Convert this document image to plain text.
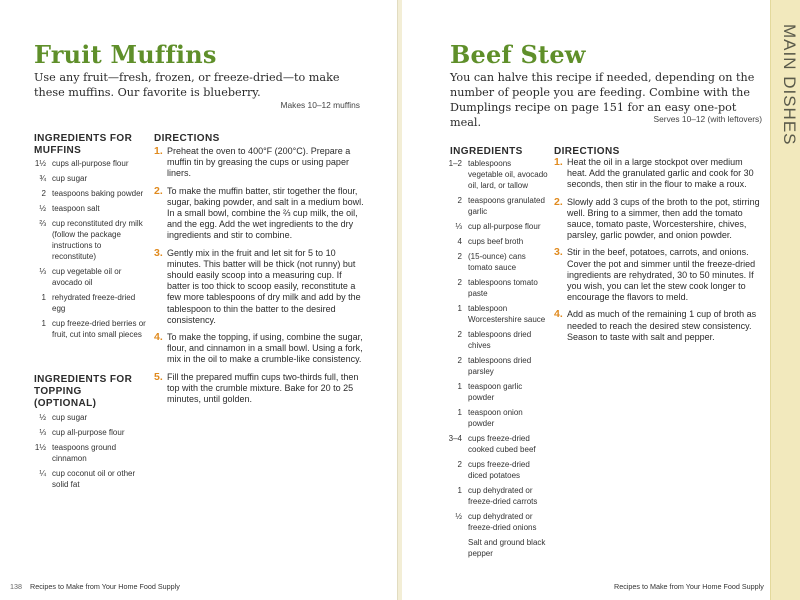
Fruit Muffins

Use any fruit—fresh, frozen, or freeze-dried—to make these muffins. Our favorite is blueberry.

Makes 10–12 muffins
INGREDIENTS FOR MUFFINS
1½ cups all-purpose flour
¾ cup sugar
2 teaspoons baking powder
½ teaspoon salt
⅔ cup reconstituted dry milk (follow the package instructions to reconstitute)
⅓ cup vegetable oil or avocado oil
1 rehydrated freeze-dried egg
1 cup freeze-dried berries or fruit, cut into small pieces
INGREDIENTS FOR TOPPING (OPTIONAL)
½ cup sugar
⅓ cup all-purpose flour
1½ teaspoons ground cinnamon
¼ cup coconut oil or other solid fat
DIRECTIONS
1. Preheat the oven to 400°F (200°C). Prepare a muffin tin by greasing the cups or using paper liners.
2. To make the muffin batter, stir together the flour, sugar, baking powder, and salt in a medium bowl. In a small bowl, combine the ⅔ cup milk, the oil, and the egg. Add the wet ingredients to the dry ingredients and stir to combine.
3. Gently mix in the fruit and let sit for 5 to 10 minutes. This batter will be thick (not runny) but should easily scoop into a measuring cup. If batter is too thick to scoop easily, reconstitute a few more tablespoons of dry milk and add by the tablespoon to thin the batter to the desired consistency.
4. To make the topping, if using, combine the sugar, flour, and cinnamon in a small bowl. Using a fork, mix in the oil to make a crumble-like consistency.
5. Fill the prepared muffin cups two-thirds full, then top with the crumble mixture. Bake for 20 to 25 minutes, until golden.
138 Recipes to Make from Your Home Food Supply
Beef Stew

You can halve this recipe if needed, depending on the number of people you are feeding. Combine with the Dumplings recipe on page 151 for an easy one-pot meal.	Serves 10–12 (with leftovers)
INGREDIENTS
1–2 tablespoons vegetable oil, avocado oil, lard, or tallow
2 teaspoons granulated garlic
⅓ cup all-purpose flour
4 cups beef broth
2 (15-ounce) cans tomato sauce
2 tablespoons tomato paste
1 tablespoon Worcestershire sauce
2 tablespoons dried chives
2 tablespoons dried parsley
1 teaspoon garlic powder
1 teaspoon onion powder
3–4 cups freeze-dried cooked cubed beef
2 cups freeze-dried diced potatoes
1 cup dehydrated or freeze-dried carrots
½ cup dehydrated or freeze-dried onions
Salt and ground black pepper
DIRECTIONS
1. Heat the oil in a large stockpot over medium heat. Add the granulated garlic and cook for 30 seconds, then stir in the flour to make a roux.
2. Slowly add 3 cups of the broth to the pot, stirring well. Bring to a simmer, then add the tomato sauce, tomato paste, Worcestershire, chives, parsley, garlic powder, and onion powder.
3. Stir in the beef, potatoes, carrots, and onions. Cover the pot and simmer until the freeze-dried ingredients are rehydrated, 30 to 50 minutes. If you wish, you can let the stew cook longer to encourage the flavors to meld.
4. Add as much of the remaining 1 cup of broth as needed to reach the desired stew consistency. Season to taste with salt and pepper.
Recipes to Make from Your Home Food Supply
MAIN DISHES
